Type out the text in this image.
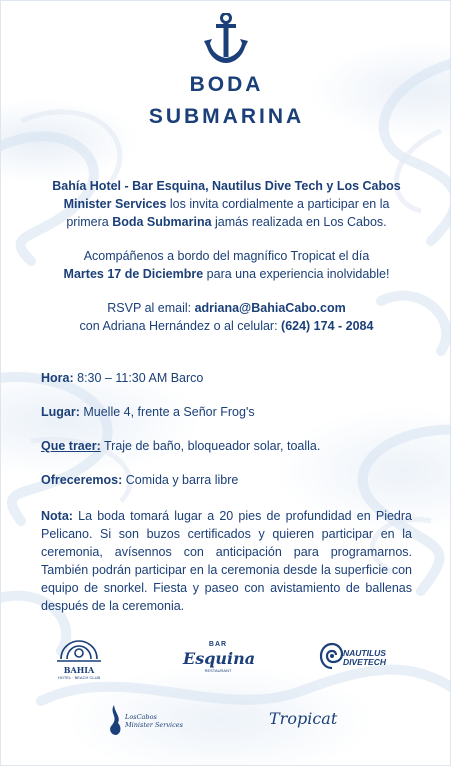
BODA
SUBMARINA
Bahía Hotel - Bar Esquina, Nautilus Dive Tech y Los Cabos Minister Services los invita cordialmente a participar en la primera Boda Submarina jamás realizada en Los Cabos.
Acompáñenos a bordo del magnífico Tropicat el día
Martes 17 de Diciembre para una experiencia inolvidable!
RSVP al email: adriana@BahiaCabo.com
con Adriana Hernández o al celular: (624) 174 - 2084
Hora: 8:30 – 11:30 AM Barco
Lugar: Muelle 4, frente a Señor Frog's
Que traer: Traje de baño, bloqueador solar, toalla.
Ofreceremos: Comida y barra libre
Nota: La boda tomará lugar a 20 pies de profundidad en Piedra Pelicano. Si son buzos certificados y quieren participar en la ceremonia, avísennos con anticipación para programarnos. También podrán participar en la ceremonia desde la superficie con equipo de snorkel. Fiesta y paseo con avistamiento de ballenas después de la ceremonia.
BAHIA
HOTEL · BEACH CLUB
BAR
Esquina
RESTAURANT
NAUTILUS
DIVETECH
LosCabos
Minister Services	Tropicat
